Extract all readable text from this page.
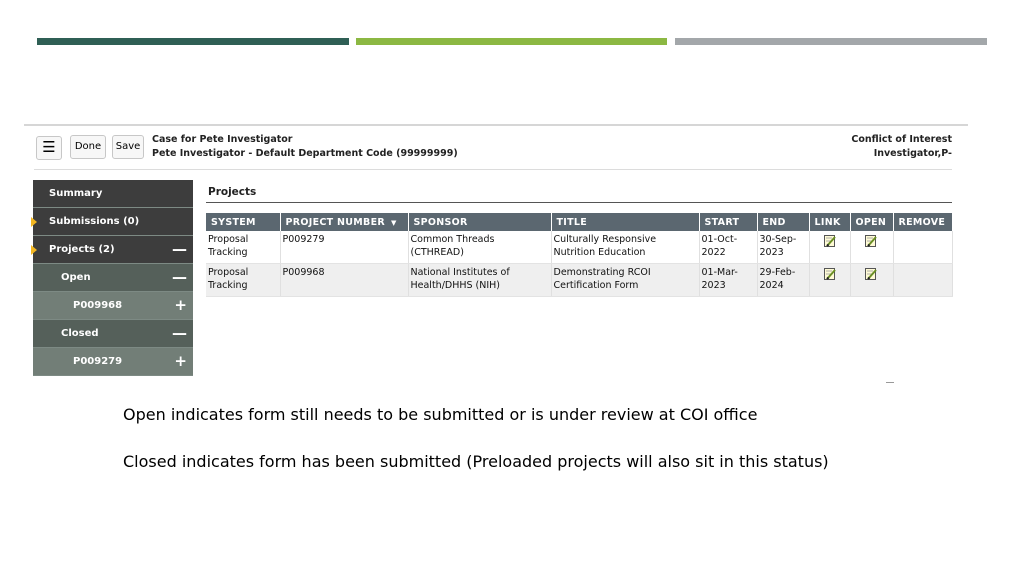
☰	Done	Save
Case for Pete Investigator
Pete Investigator - Default Department Code (99999999)
Conflict of Interest
Investigator,P-
Summary
Submissions (0)
Projects (2)	—
Open	—
P009968	+
Closed	—
P009279	+
Projects
SYSTEM	PROJECT NUMBER ▼	SPONSOR	TITLE	START	END	LINK	OPEN	REMOVE
Proposal Tracking	P009279	Common Threads (CTHREAD)	Culturally Responsive Nutrition Education	01-Oct-2022	30-Sep-2023			
Proposal Tracking	P009968	National Institutes of Health/DHHS (NIH)	Demonstrating RCOI Certification Form	01-Mar-2023	29-Feb-2024			
Open indicates form still needs to be submitted or is under review at COI office
Closed indicates form has been submitted (Preloaded projects will also sit in this status)
